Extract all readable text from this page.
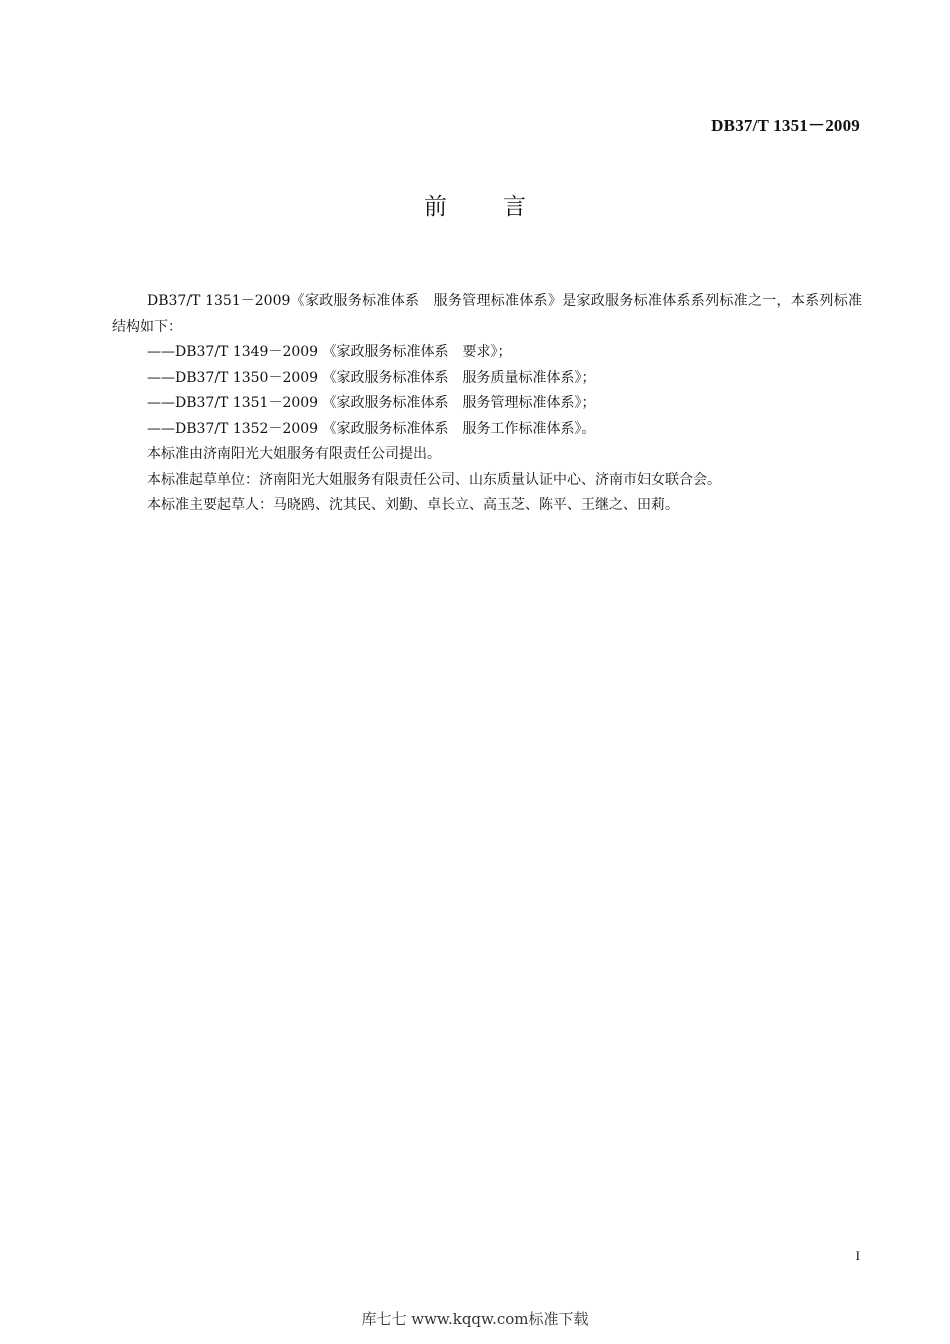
DB37/T 1351－2009
前言

DB37/T 1351－2009《家政服务标准体系　服务管理标准体系》是家政服务标准体系系列标准之一，本系列标准结构如下：

——DB37/T 1349－2009 《家政服务标准体系　要求》；

——DB37/T 1350－2009 《家政服务标准体系　服务质量标准体系》；

——DB37/T 1351－2009 《家政服务标准体系　服务管理标准体系》；

——DB37/T 1352－2009 《家政服务标准体系　服务工作标准体系》。

本标准由济南阳光大姐服务有限责任公司提出。

本标准起草单位：济南阳光大姐服务有限责任公司、山东质量认证中心、济南市妇女联合会。

本标准主要起草人：马晓鸥、沈其民、刘勤、卓长立、高玉芝、陈平、王继之、田莉。

I
库七七 www.kqqw.com标准下载
